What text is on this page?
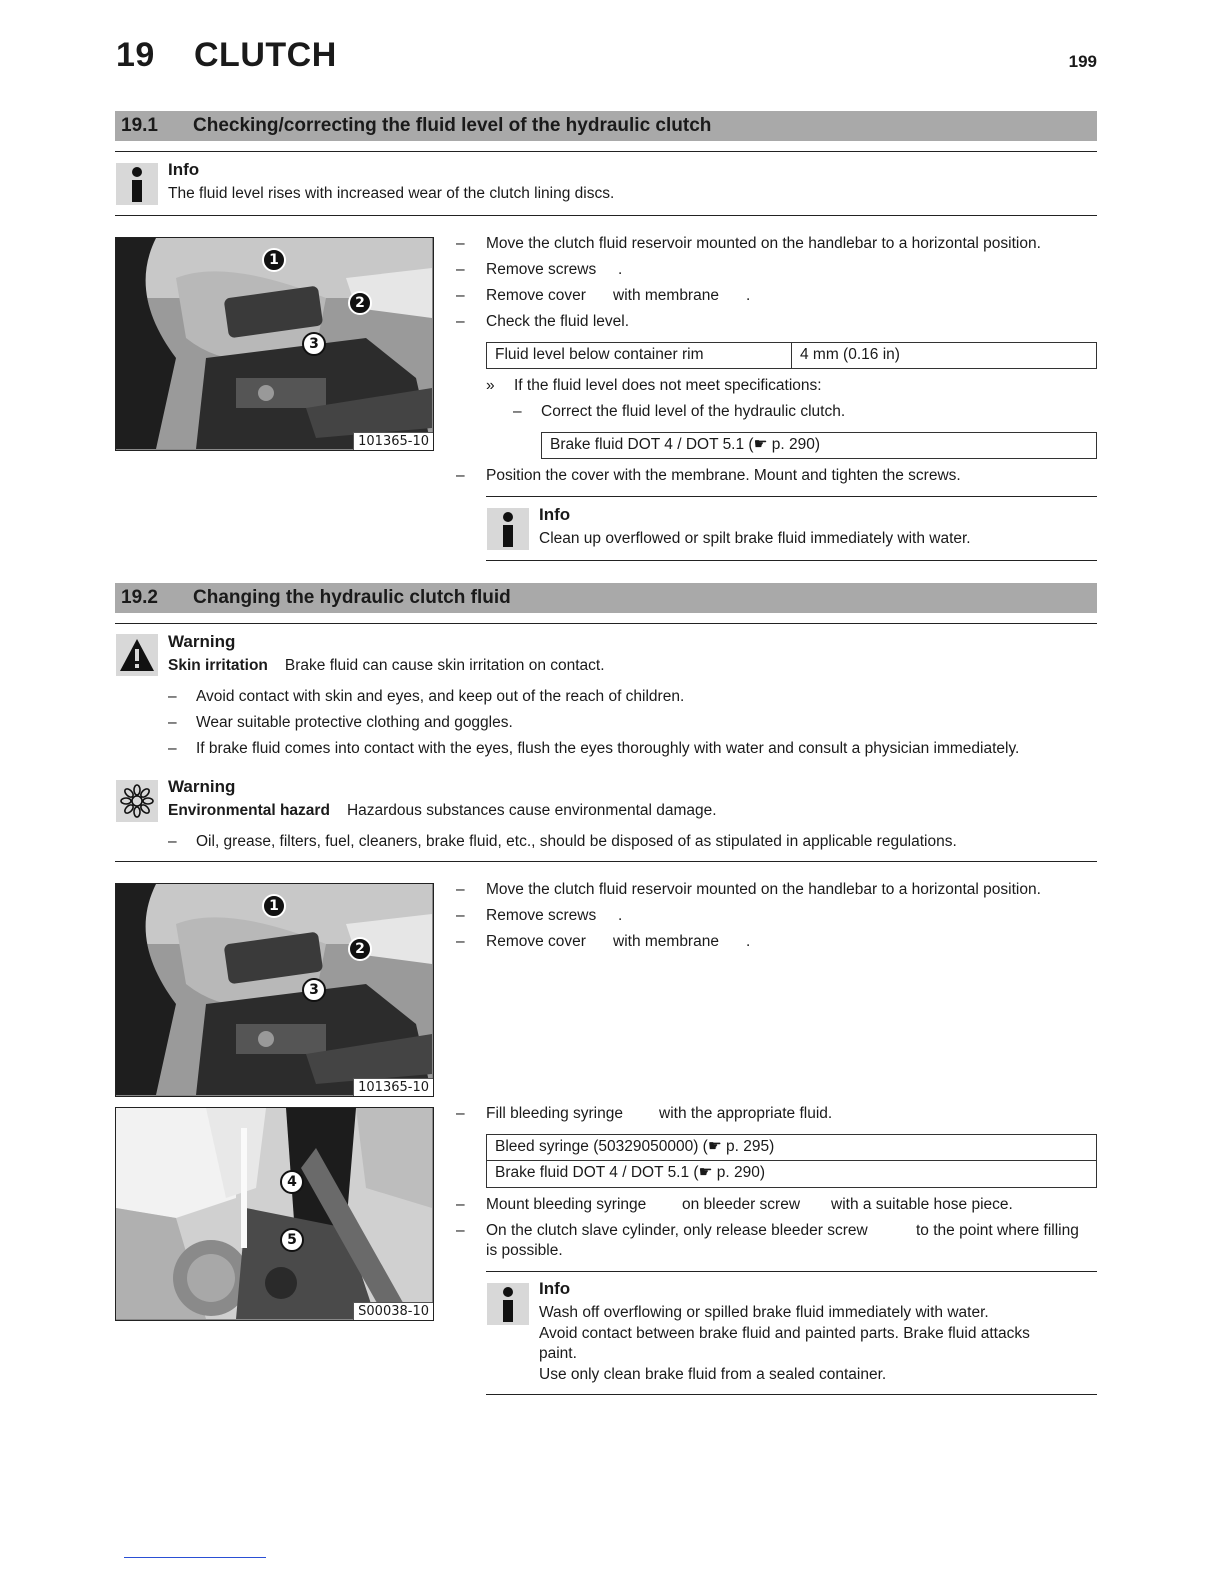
19 CLUTCH	199
19.1 Checking/correcting the fluid level of the hydraulic clutch
Info
The fluid level rises with increased wear of the clutch lining discs.
1
2
3
101365-10
– Move the clutch fluid reservoir mounted on the handlebar to a horizontal position.
– Remove screws .
– Remove cover with membrane .
– Check the fluid level.
Fluid level below container rim	4 mm (0.16 in)
» If the fluid level does not meet specifications:
– Correct the fluid level of the hydraulic clutch.
Brake fluid DOT 4 / DOT 5.1 (☛ p. 290)
– Position the cover with the membrane. Mount and tighten the screws.
Info
Clean up overflowed or spilt brake fluid immediately with water.
19.2 Changing the hydraulic clutch fluid
Warning
Skin irritation Brake fluid can cause skin irritation on contact.
– Avoid contact with skin and eyes, and keep out of the reach of children.
– Wear suitable protective clothing and goggles.
– If brake fluid comes into contact with the eyes, flush the eyes thoroughly with water and consult a physician immediately.
Warning
Environmental hazard Hazardous substances cause environmental damage.
– Oil, grease, filters, fuel, cleaners, brake fluid, etc., should be disposed of as stipulated in applicable regulations.
1
2
3
101365-10
– Move the clutch fluid reservoir mounted on the handlebar to a horizontal position.
– Remove screws .
– Remove cover with membrane .
4
5
S00038-10
– Fill bleeding syringe with the appropriate fluid.
Bleed syringe (50329050000) (☛ p. 295)
Brake fluid DOT 4 / DOT 5.1 (☛ p. 290)
– Mount bleeding syringe on bleeder screw with a suitable hose piece.
– On the clutch slave cylinder, only release bleeder screw	to the point where filling
is possible.
Info
Wash off overflowing or spilled brake fluid immediately with water.
Avoid contact between brake fluid and painted parts. Brake fluid attacks
paint.
Use only clean brake fluid from a sealed container.
